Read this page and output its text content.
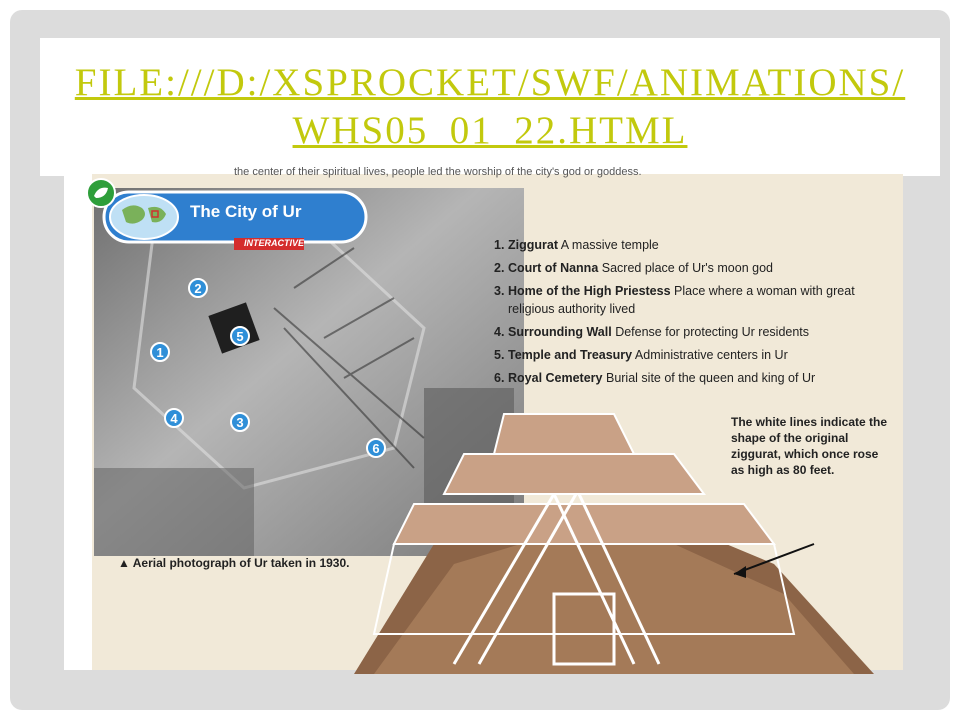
FILE:///D:/XSPROCKET/SWF/ANIMATIONS/WHS05_01_22.HTML
the center of their spiritual lives, people led the worship of the city's god or goddess.
The City of Ur
INTERACTIVE
2
5
1
4	3
6
▲ Aerial photograph of Ur taken in 1930.
1. Ziggurat A massive temple
2. Court of Nanna Sacred place of Ur's moon god
3. Home of the High Priestess Place where a woman with great religious authority lived
4. Surrounding Wall Defense for protecting Ur residents
5. Temple and Treasury Administrative centers in Ur
6. Royal Cemetery Burial site of the queen and king of Ur
The white lines indicate the shape of the original ziggurat, which once rose as high as 80 feet.
